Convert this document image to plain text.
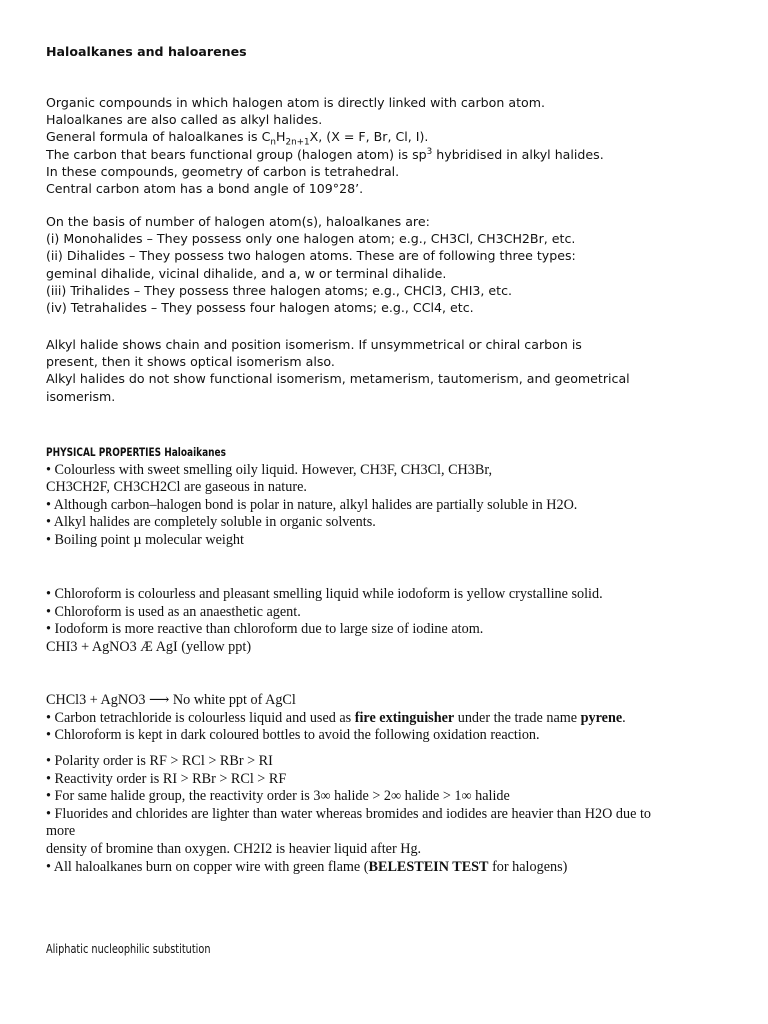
Haloalkanes and haloarenes
Organic compounds in which halogen atom is directly linked with carbon atom.
Haloalkanes are also called as alkyl halides.
General formula of haloalkanes is $C_nH_{2n+1}X$, (X = F, Br, Cl, I).
The carbon that bears functional group (halogen atom) is $sp^3$ hybridised in alkyl halides.
In these compounds, geometry of carbon is tetrahedral.
Central carbon atom has a bond angle of 109°28’.
On the basis of number of halogen atom(s), haloalkanes are:
(i) Monohalides – They possess only one halogen atom; e.g., CH3Cl, CH3CH2Br, etc.
(ii) Dihalides – They possess two halogen atoms. These are of following three types:
geminal dihalide, vicinal dihalide, and a, w or terminal dihalide.
(iii) Trihalides – They possess three halogen atoms; e.g., CHCl3, CHI3, etc.
(iv) Tetrahalides – They possess four halogen atoms; e.g., CCl4, etc.
Alkyl halide shows chain and position isomerism. If unsymmetrical or chiral carbon is
present, then it shows optical isomerism also.
Alkyl halides do not show functional isomerism, metamerism, tautomerism, and geometrical
isomerism.
PHYSICAL PROPERTIES Haloaikanes
• Colourless with sweet smelling oily liquid. However, CH3F, CH3Cl, CH3Br,
CH3CH2F, CH3CH2Cl are gaseous in nature.
• Although carbon–halogen bond is polar in nature, alkyl halides are partially soluble in H2O.
• Alkyl halides are completely soluble in organic solvents.
• Boiling point µ molecular weight
• Chloroform is colourless and pleasant smelling liquid while iodoform is yellow crystalline solid.
• Chloroform is used as an anaesthetic agent.
• Iodoform is more reactive than chloroform due to large size of iodine atom.
CHI3 + AgNO3 Æ AgI (yellow ppt)
CHCl3 + AgNO3 ⟶ No white ppt of AgCl
• Carbon tetrachloride is colourless liquid and used as fire extinguisher under the trade name pyrene.
• Chloroform is kept in dark coloured bottles to avoid the following oxidation reaction.
• Polarity order is RF > RCl > RBr > RI
• Reactivity order is RI > RBr > RCl > RF
• For same halide group, the reactivity order is 3∞ halide > 2∞ halide > 1∞ halide
• Fluorides and chlorides are lighter than water whereas bromides and iodides are heavier than H2O due to
more
density of bromine than oxygen. CH2I2 is heavier liquid after Hg.
• All haloalkanes burn on copper wire with green flame (BELESTEIN TEST for halogens)
Aliphatic nucleophilic substitution
